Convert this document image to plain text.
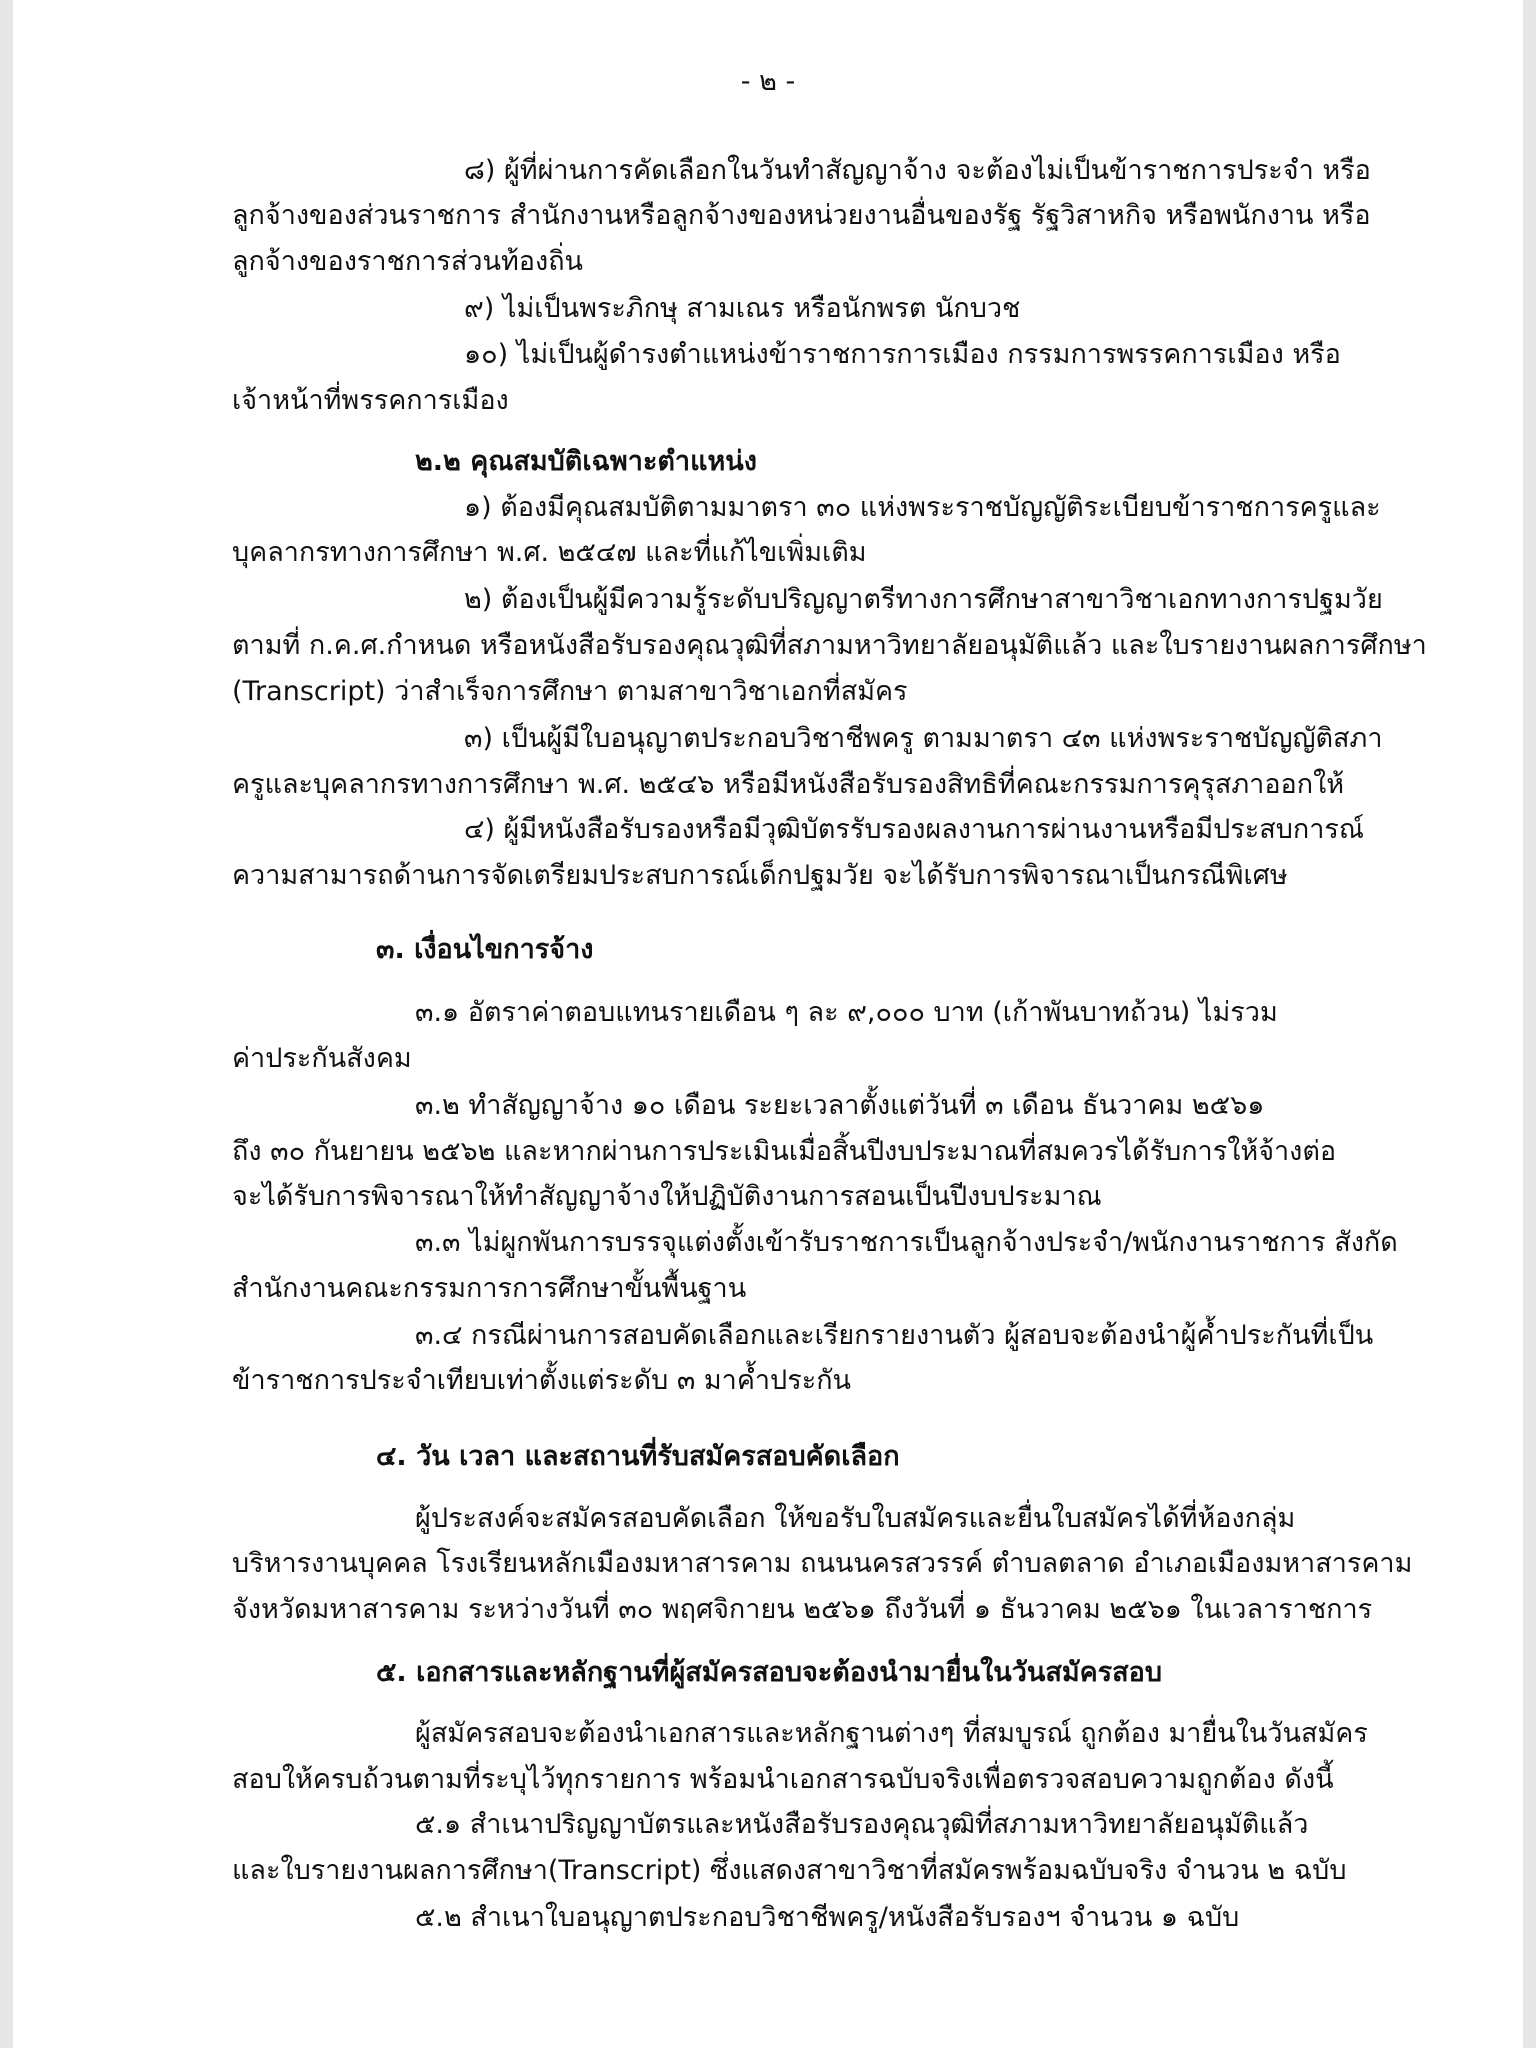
- ๒ -
๘) ผู้ที่ผ่านการคัดเลือกในวันทำสัญญาจ้าง จะต้องไม่เป็นข้าราชการประจำ หรือ
ลูกจ้างของส่วนราชการ สำนักงานหรือลูกจ้างของหน่วยงานอื่นของรัฐ รัฐวิสาหกิจ หรือพนักงาน หรือ
ลูกจ้างของราชการส่วนท้องถิ่น
๙) ไม่เป็นพระภิกษุ สามเณร หรือนักพรต นักบวช
๑๐) ไม่เป็นผู้ดำรงตำแหน่งข้าราชการการเมือง กรรมการพรรคการเมือง หรือ
เจ้าหน้าที่พรรคการเมือง
๒.๒ คุณสมบัติเฉพาะตำแหน่ง
๑) ต้องมีคุณสมบัติตามมาตรา ๓๐ แห่งพระราชบัญญัติระเบียบข้าราชการครูและ
บุคลากรทางการศึกษา พ.ศ. ๒๕๔๗ และที่แก้ไขเพิ่มเติม
๒) ต้องเป็นผู้มีความรู้ระดับปริญญาตรีทางการศึกษาสาขาวิชาเอกทางการปฐมวัย
ตามที่ ก.ค.ศ.กำหนด หรือหนังสือรับรองคุณวุฒิที่สภามหาวิทยาลัยอนุมัติแล้ว และใบรายงานผลการศึกษา
(Transcript) ว่าสำเร็จการศึกษา ตามสาขาวิชาเอกที่สมัคร
๓) เป็นผู้มีใบอนุญาตประกอบวิชาชีพครู ตามมาตรา ๔๓ แห่งพระราชบัญญัติสภา
ครูและบุคลากรทางการศึกษา พ.ศ. ๒๕๔๖ หรือมีหนังสือรับรองสิทธิที่คณะกรรมการคุรุสภาออกให้
๔) ผู้มีหนังสือรับรองหรือมีวุฒิบัตรรับรองผลงานการผ่านงานหรือมีประสบการณ์
ความสามารถด้านการจัดเตรียมประสบการณ์เด็กปฐมวัย จะได้รับการพิจารณาเป็นกรณีพิเศษ
๓. เงื่อนไขการจ้าง
๓.๑ อัตราค่าตอบแทนรายเดือน ๆ ละ ๙,๐๐๐ บาท (เก้าพันบาทถ้วน) ไม่รวม
ค่าประกันสังคม
๓.๒ ทำสัญญาจ้าง ๑๐ เดือน ระยะเวลาตั้งแต่วันที่ ๓ เดือน ธันวาคม ๒๕๖๑
ถึง ๓๐ กันยายน ๒๕๖๒ และหากผ่านการประเมินเมื่อสิ้นปีงบประมาณที่สมควรได้รับการให้จ้างต่อ
จะได้รับการพิจารณาให้ทำสัญญาจ้างให้ปฏิบัติงานการสอนเป็นปีงบประมาณ
๓.๓ ไม่ผูกพันการบรรจุแต่งตั้งเข้ารับราชการเป็นลูกจ้างประจำ/พนักงานราชการ สังกัด
สำนักงานคณะกรรมการการศึกษาขั้นพื้นฐาน
๓.๔ กรณีผ่านการสอบคัดเลือกและเรียกรายงานตัว ผู้สอบจะต้องนำผู้ค้ำประกันที่เป็น
ข้าราชการประจำเทียบเท่าตั้งแต่ระดับ ๓ มาค้ำประกัน
๔. วัน เวลา และสถานที่รับสมัครสอบคัดเลือก
ผู้ประสงค์จะสมัครสอบคัดเลือก ให้ขอรับใบสมัครและยื่นใบสมัครได้ที่ห้องกลุ่ม
บริหารงานบุคคล โรงเรียนหลักเมืองมหาสารคาม ถนนนครสวรรค์ ตำบลตลาด อำเภอเมืองมหาสารคาม
จังหวัดมหาสารคาม ระหว่างวันที่ ๓๐ พฤศจิกายน ๒๕๖๑ ถึงวันที่ ๑ ธันวาคม ๒๕๖๑ ในเวลาราชการ
๕. เอกสารและหลักฐานที่ผู้สมัครสอบจะต้องนำมายื่นในวันสมัครสอบ
ผู้สมัครสอบจะต้องนำเอกสารและหลักฐานต่างๆ ที่สมบูรณ์ ถูกต้อง มายื่นในวันสมัคร
สอบให้ครบถ้วนตามที่ระบุไว้ทุกรายการ พร้อมนำเอกสารฉบับจริงเพื่อตรวจสอบความถูกต้อง ดังนี้
๕.๑ สำเนาปริญญาบัตรและหนังสือรับรองคุณวุฒิที่สภามหาวิทยาลัยอนุมัติแล้ว
และใบรายงานผลการศึกษา(Transcript) ซึ่งแสดงสาขาวิชาที่สมัครพร้อมฉบับจริง จำนวน ๒ ฉบับ
๕.๒ สำเนาใบอนุญาตประกอบวิชาชีพครู/หนังสือรับรองฯ จำนวน ๑ ฉบับ
